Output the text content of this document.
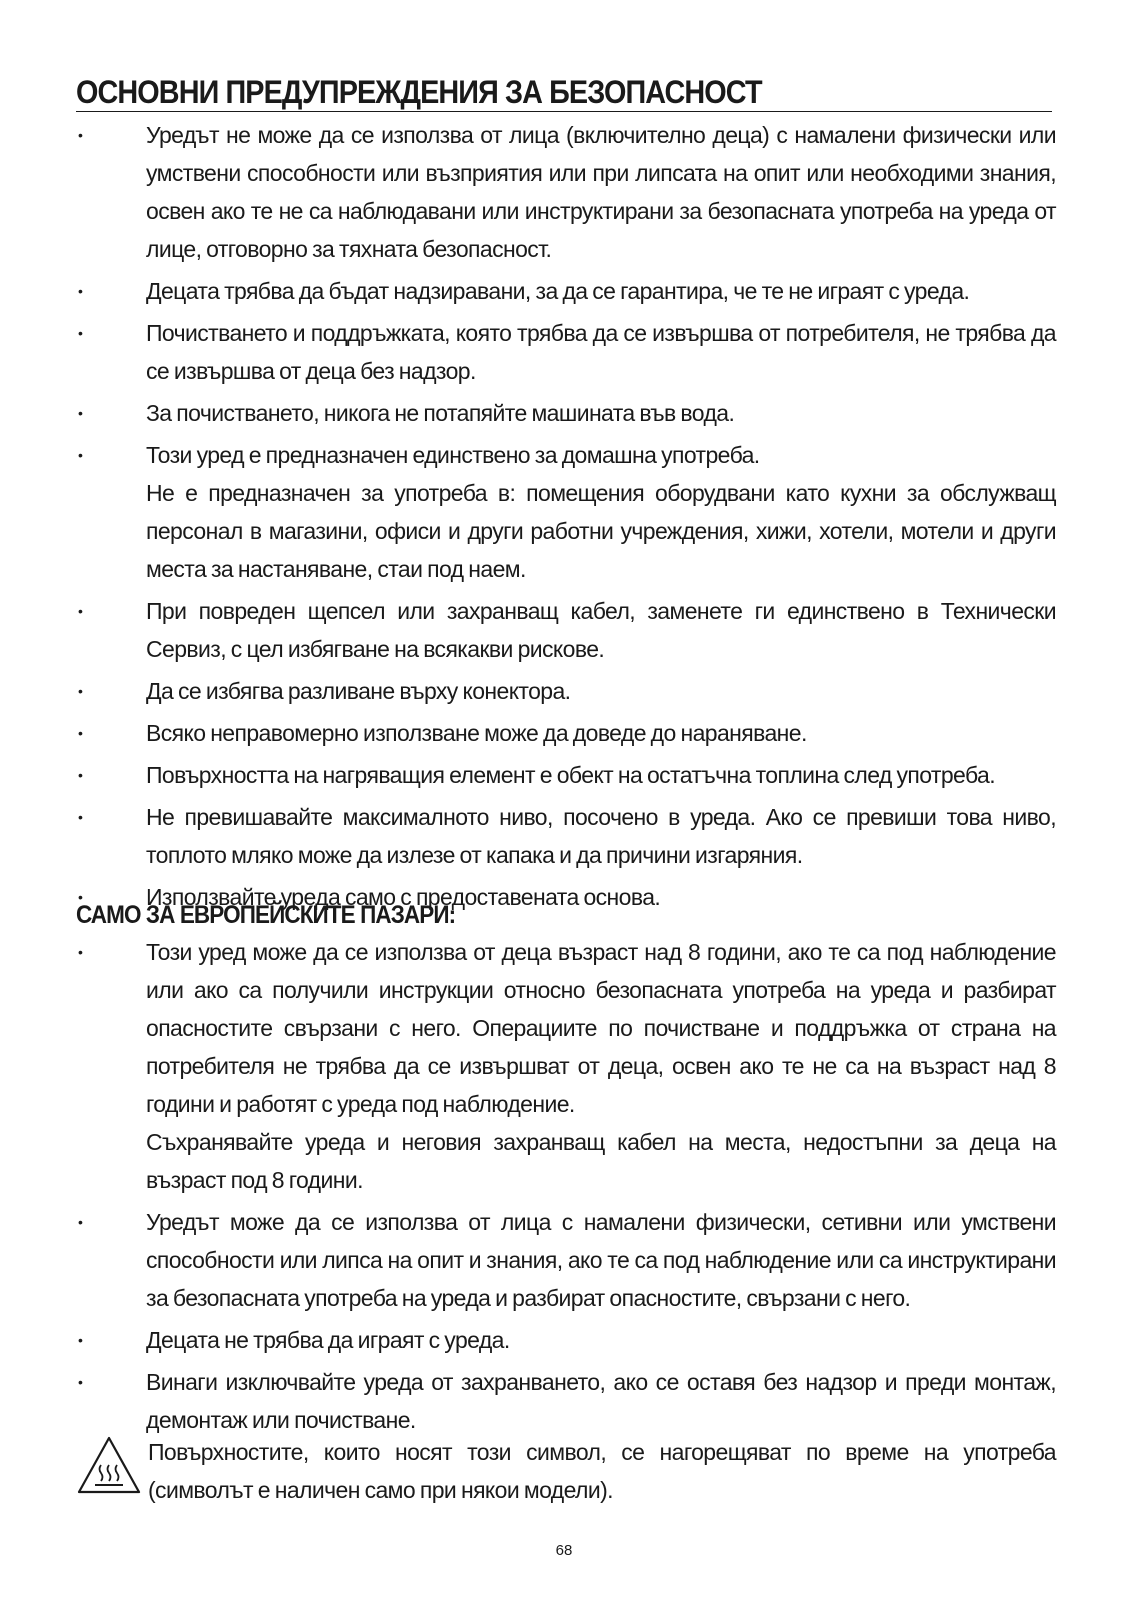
ОСНОВНИ ПРЕДУПРЕЖДЕНИЯ ЗА БЕЗОПАСНОСТ
•	Уредът не може да се използва от лица (включително деца) с намалени физически или умствени способности или възприятия или при липсата на опит или необходими знания, освен ако те не са наблюдавани или инструктирани за безопасната употреба на уреда от лице, отговорно за тяхната безопасност.

•	Децата трябва да бъдат надзиравани, за да се гарантира, че те не играят с уреда.

•	Почистването и поддръжката, която трябва да се извършва от потребителя, не трябва да се извършва от деца без надзор.

•	За почистването, никога не потапяйте машината във вода.

•	Този уред е предназначен единствено за домашна употреба.

Не е предназначен за употреба в: помещения оборудвани като кухни за обслужващ персонал в магазини, офиси и други работни учреждения, хижи, хотели, мотели и други места за настаняване, стаи под наем.

•	При повреден щепсел или захранващ кабел, заменете ги единствено в Технически Сервиз, с цел избягване на всякакви рискове.

•	Да се избягва разливане върху конектора.

•	Всяко неправомерно използване може да доведе до нараняване.

•	Повърхността на нагряващия елемент е обект на остатъчна топлина след употреба.

•	Не превишавайте максималното ниво, посочено в уреда. Ако се превиши това ниво, топлото мляко може да излезе от капака и да причини изгаряния.

•	Използвайте уреда само с предоставената основа.

САМО ЗА ЕВРОПЕЙСКИТЕ ПАЗАРИ:
•	Този уред може да се използва от деца възраст над 8 години, ако те са под наблюдение или ако са получили инструкции относно безопасната употреба на уреда и разбират опасностите свързани с него. Операциите по почистване и поддръжка от страна на потребителя не трябва да се извършват от деца, освен ако те не са на възраст над 8 години и работят с уреда под наблюдение.

Съхранявайте уреда и неговия захранващ кабел на места, недостъпни за деца на възраст под 8 години.

•	Уредът може да се използва от лица с намалени физически, сетивни или умствени способности или липса на опит и знания, ако те са под наблюдение или са инструктирани за безопасната употреба на уреда и разбират опасностите, свързани с него.

•	Децата не трябва да играят с уреда.

•	Винаги изключвайте уреда от захранването, ако се оставя без надзор и преди монтаж, демонтаж или почистване.

Повърхностите, които носят този символ, се нагорещяват по време на употреба (символът е наличен само при някои модели).

68
